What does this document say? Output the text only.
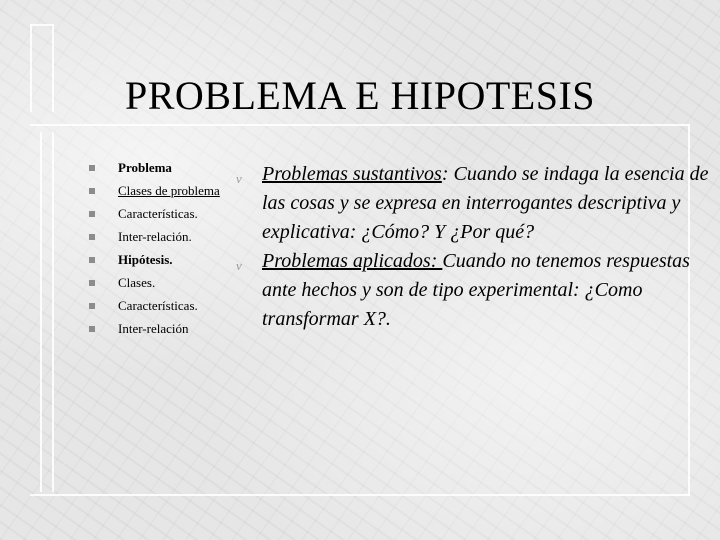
PROBLEMA E HIPOTESIS
Problema
Clases de problema
Características.
Inter-relación.
Hipótesis.
Clases.
Características.
Inter-relación
v Problemas sustantivos: Cuando se indaga la esencia de las cosas y se expresa en interrogantes descriptiva y explicativa: ¿Cómo? Y ¿Por qué?
v Problemas aplicados: Cuando no tenemos respuestas ante hechos y son de tipo experimental: ¿Como transformar X?.
